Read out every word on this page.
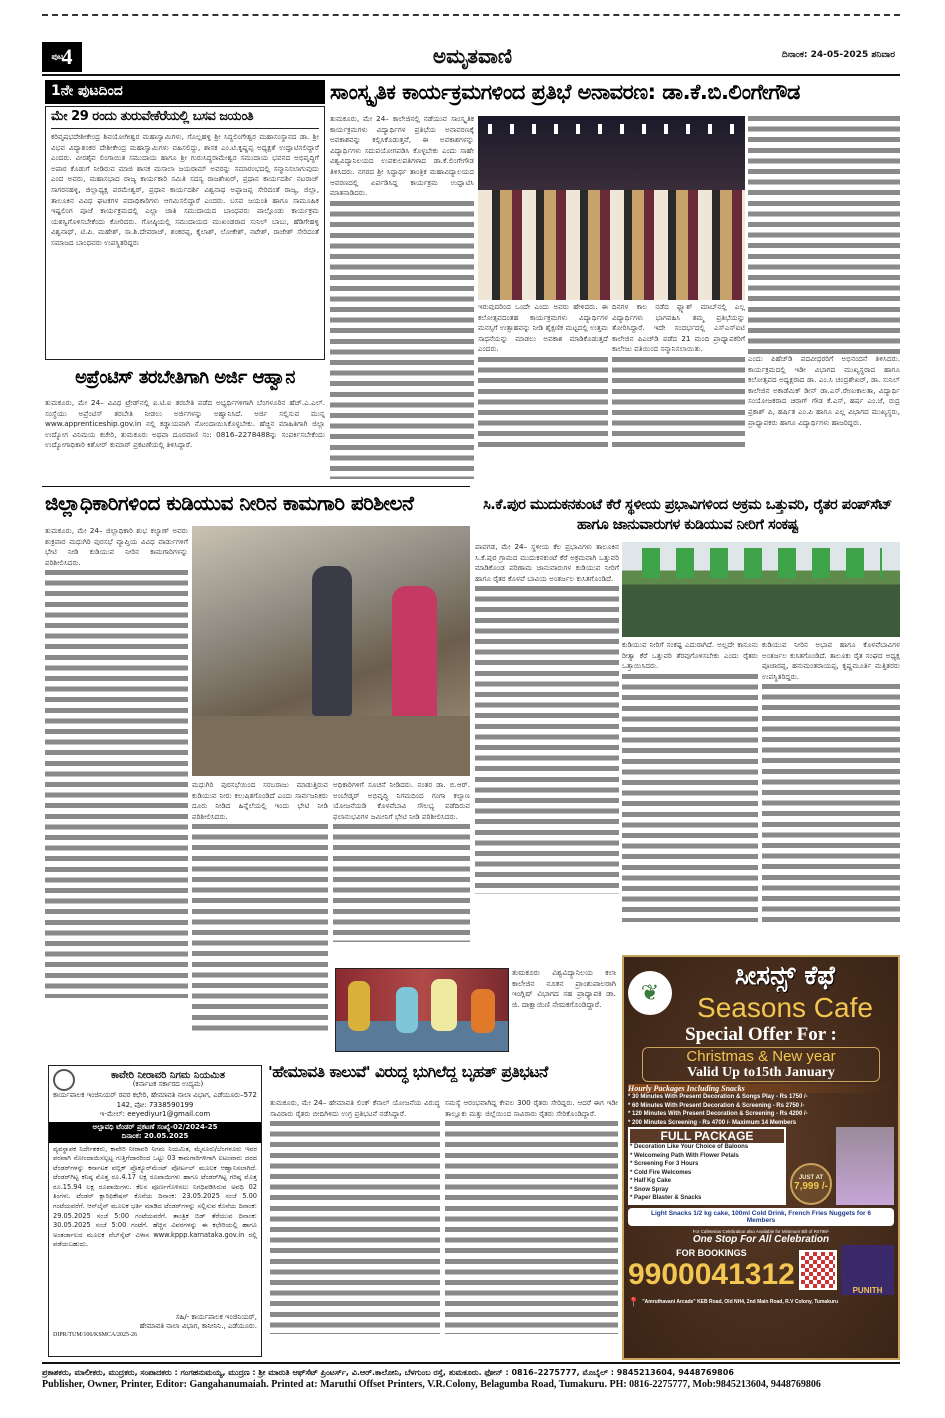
ಪುಟ
4	ಅಮೃತವಾಣಿ	ದಿನಾಂಕ: 24-05-2025 ಶನಿವಾರ
1ನೇ ಪುಟದಿಂದ
ಮೇ 29 ರಂದು ತುರುವೇಕೆರೆಯಲ್ಲಿ ಬಸವ ಜಯಂತಿ
ಕರಿವೃಷಭದೇಶೀಕೇಂದ್ರ ಶಿವಯೋಗೀಶ್ವರ ಮಹಾಸ್ವಾಮಿಗಳು, ಗೊಲ್ಲಹಳ್ಳಿ ಶ್ರೀ ಸಿದ್ಧಲಿಂಗೇಶ್ವರ ಮಹಾಸಂಸ್ಥಾನದ ಡಾ. ಶ್ರೀ ವಿಭವ ವಿದ್ಯಾಶಂಕರ ದೇಶೀಕೇಂದ್ರ ಮಹಾಸ್ವಾಮಿಗಳು ವಹಿಸಲಿದ್ದು, ಶಾಸಕ ಎಂ.ಟಿ.ಕೃಷ್ಣಪ್ಪ ಅಧ್ಯಕ್ಷತೆ ಉದ್ಘಾಟಿಸಲಿದ್ದಾರೆ ಎಂದರು. ವೀರಶೈವ ಲಿಂಗಾಯಿತ ಸಮುದಾಯ ಹಾಗೂ ಶ್ರೀ ಗುರುಸಿದ್ಧರಾಮೇಶ್ವರ ಸಮುದಾಯ ಭವನದ ಅಭಿವೃದ್ಧಿಗೆ ಅಪಾರ ಕೊಡುಗೆ ನೀಡಿರುವ ಮಾಜಿ ಶಾಸಕ ಮಸಾಲಾ ಜಯರಾಮ್ ಅವರನ್ನು ಸಮಾರಂಭದಲ್ಲಿ ಸನ್ಮಾನಿಸಲಾಗುವುದು ಎಂದ ಅವರು, ಮಹಾಸಭಾದ ರಾಜ್ಯ ಕಾರ್ಯಕಾರಿ ಸಮಿತಿ ಸದಸ್ಯ ರಾಜಶೇಖರ್, ಪ್ರಧಾನ ಕಾರ್ಯದರ್ಶಿ ನಟರಾಜ್ ಸಾಗರನಹಳ್ಳಿ, ಜಿಲ್ಲಾಧ್ಯಕ್ಷ ಪರಮೇಶ್ವರ್, ಪ್ರಧಾನ ಕಾರ್ಯದರ್ಶಿ ವಿಶ್ವನಾಥ ಅಪ್ಪಾಜಪ್ಪ ಸೇರಿದಂತೆ ರಾಜ್ಯ, ಜಿಲ್ಲಾ, ತಾಲೂಕಿನ ವಿವಿಧ ಘಟಕಗಳ ಪದಾಧಿಕಾರಿಗಳು ಆಗಮಿಸಲಿದ್ದಾರೆ ಎಂದರು. ಬಸವ ಜಯಂತಿ ಹಾಗೂ ಸಾಮೂಹಿಕ ಇಷ್ಟಲಿಂಗ ಪೂಜೆ ಕಾರ್ಯಕ್ರಮದಲ್ಲಿ ಎಲ್ಲಾ ಜಾತಿ ಸಮುದಾಯದ ಬಾಂಧವರು ಪಾಲ್ಗೊಂಡು ಕಾರ್ಯಕ್ರಮ ಯಶಸ್ವಿಗೊಳಿಸಬೇಕೆಂದು ಕೋರಿದರು. ಗೋಷ್ಠಿಯಲ್ಲಿ ಸಮುದಾಯದ ಮುಖಂಡರಾದ ಸುನಿಲ್ ಬಾಬು, ಹೆಡಿಗೇಹಳ್ಳಿ ವಿಶ್ವನಾಥ್, ಟಿ.ಪಿ. ಮಹೇಶ್, ಸಾ.ಶಿ.ದೇವರಾಜ್, ಶಂಕರಪ್ಪ, ಕೈಲಾಶ್, ಲೋಕೇಶ್, ನಟೇಶ್, ರಾಜೇಶ್ ಸೇರಿದಂತೆ ಸಮಾಜದ ಬಾಂಧವರು ಉಪಸ್ಥಿತರಿದ್ದರು
ಅಪ್ರೆಂಟಿಸ್ ತರಬೇತಿಗಾಗಿ ಅರ್ಜಿ ಆಹ್ವಾನ
ತುಮಕೂರು, ಮೇ 24– ವಿವಿಧ ಟ್ರೇಡ್‌ನಲ್ಲಿ ಐ.ಟಿ.ಐ ತರಬೇತಿ ಪಡೆದ ಅಭ್ಯರ್ಥಿಗಳಿಗಾಗಿ ಬೆಂಗಳೂರಿನ ಹೆಚ್.ಎ.ಎಲ್. ಸಂಸ್ಥೆಯು ಅಪ್ರೆಂಟಿಸ್ ತರಬೇತಿ ನೀಡಲು ಅರ್ಜಿಗಳನ್ನು ಅಹ್ವಾನಿಸಿದೆ. ಅರ್ಜಿ ಸಲ್ಲಿಸುವ ಮುನ್ನ www.apprenticeship.gov.in ನಲ್ಲಿ ಕಡ್ಡಾಯವಾಗಿ ನೋಂದಾಯಿಸಿಕೊಳ್ಳಬೇಕು. ಹೆಚ್ಚಿನ ಮಾಹಿತಿಗಾಗಿ ಜಿಲ್ಲಾ ಉದ್ಯೋಗ ವಿನಿಮಯ ಕಚೇರಿ, ತುಮಕೂರು ಅಥವಾ ದೂರವಾಣಿ ಸಂ: 0816–2278488ನ್ನು ಸಂಪರ್ಕಿಸಬೇಕೆಂದು ಉದ್ಯೋಗಾಧಿಕಾರಿ ಕಿಶೋರ್ ಕುಮಾರ್ ಪ್ರಕಟಣೆಯಲ್ಲಿ ತಿಳಿಸಿದ್ದಾರೆ.
ಜಿಲ್ಲಾಧಿಕಾರಿಗಳಿಂದ ಕುಡಿಯುವ ನೀರಿನ ಕಾಮಗಾರಿ ಪರಿಶೀಲನೆ
ತುಮಕೂರು, ಮೇ 24– ಜಿಲ್ಲಾಧಿಕಾರಿ ಶುಭ ಕಲ್ಯಾಣ್ ಅವರು ಶುಕ್ರವಾರ ಮಧುಗಿರಿ ಪುರಸಭೆ ವ್ಯಾಪ್ತಿಯ ವಿವಿಧ ವಾರ್ಡುಗಳಿಗೆ ಭೇಟಿ ನೀಡಿ ಕುಡಿಯುವ ನೀರಿನ ಕಾಮಗಾರಿಗಳನ್ನು ಪರಿಶೀಲಿಸಿದರು.
ಮಧುಗಿರಿ ಪುರಸಭೆಯಿಂದ ಸರಬರಾಜು ಮಾಡುತ್ತಿರುವ ಕುಡಿಯುವ ನೀರು ಕಲುಷಿತಗೊಂಡಿದೆ ಎಂದು ಸಾರ್ವಜನಿಕರು ದೂರು ನೀಡಿದ ಹಿನ್ನೆಲೆಯಲ್ಲಿ ಇಂದು ಭೇಟಿ ನೀಡಿ ಪರಿಶೀಲಿಸಿದರು.
ಅಧಿಕಾರಿಗಳಿಗೆ ಸೂಚನೆ ನೀಡಿದರು. ನಂತರ ಡಾ. ಬಿ.ಆರ್. ಅಂಬೇಡ್ಕರ್ ಅಭಿವೃದ್ಧಿ ನಿಗಮದಿಂದ ಗಂಗಾ ಕಲ್ಯಾಣ ಯೋಜನೆಯಡಿ ಕೊಳವೆಬಾವಿ ಸೌಲಭ್ಯ ಪಡೆದಿರುವ ಫಲಾನುಭವಿಗಳ ಜಮೀನಿಗೆ ಭೇಟಿ ನೀಡಿ ಪರಿಶೀಲಿಸಿದರು.
ಕಾವೇರಿ ನೀರಾವರಿ ನಿಗಮ ನಿಯಮಿತ
(ಕರ್ನಾಟಕ ಸರ್ಕಾರದ ಉದ್ಯಮ)
ಕಾರ್ಯಪಾಲಕ ಇಂಜಿನಿಯರ್ ರವರ ಕಛೇರಿ, ಹೇಮಾವತಿ ನಾಲಾ ವಿಭಾಗ, ಎಡೆಯೂರು–572 142, ಪೋ: 7338590199
ಇ-ಮೇಲ್: eeyediyur1@gmail.com
ಅಲ್ಪಾವಧಿ ಟೆಂಡರ್ ಪ್ರಕಟಣೆ ಸಂಖ್ಯೆ-02/2024-25
ದಿನಾಂಕ: 20.05.2025
ವ್ಯವಸ್ಥಾಪಕ ನಿರ್ದೇಶಕರು, ಕಾವೇರಿ ನೀರಾವರಿ ನಿಗಮ ನಿಯಮಿತ, ಮೈಸೂರು/ಬೆಂಗಳೂರು ಇವರ ಪರವಾಗಿ ನೋಂದಾಯಿಸಲ್ಪಟ್ಟ ಗುತ್ತಿಗೆದಾರರಿಂದ ಒಟ್ಟು 03 ಕಾಮಗಾರಿಗಳಿಗಾಗಿ ಐಟಂವಾರು ದರದ ಟೆಂಡರ್‌ಗಳನ್ನು ಕರ್ನಾಟಕ ಪಬ್ಲಿಕ್ ಪ್ರೊಕ್ಯೂರ್‌ಮೆಂಟ್ ಪೋರ್ಟಲ್ ಮೂಲಕ ಆಹ್ವಾನಿಸಲಾಗಿದೆ. ಟೆಂಡರ್‌ಗಿಟ್ಟ ಕನಿಷ್ಠ ಮೊತ್ತ ರೂ.4.17 ಲಕ್ಷ ರೂಪಾಯಿಗಳು ಹಾಗೂ ಟೆಂಡರ್‌ಗಿಟ್ಟ ಗರಿಷ್ಠ ಮೊತ್ತ ರೂ.15.94 ಲಕ್ಷ ರೂಪಾಯಿಗಳು. ಕೆಲಸ ಪೂರ್ಣಗೊಳಿಸಲು ನಿಗಧಿಪಡಿಸಿರುವ ಅವಧಿ 02 ತಿಂಗಳು. ಟೆಂಡರ್ ಕ್ಲಾರಿಫಿಕೇಷನ್ ಕೊನೆಯ ದಿನಾಂಕ: 23.05.2025 ಸಂಜೆ 5.00 ಗಂಟೆಯವರೆಗೆ. ಆನ್‌ಲೈನ್ ಮೂಲಕ ಭರ್ತಿ ಮಾಡಿದ ಟೆಂಡರ್‌ಗಳನ್ನು ಸಲ್ಲಿಸುವ ಕೊನೆಯ ದಿನಾಂಕ: 29.05.2025 ಸಂಜೆ 5:00 ಗಂಟೆಯವರೆಗೆ. ತಾಂತ್ರಿಕ ಬಿಡ್ ತೆರೆಯುವ ದಿನಾಂಕ: 30.05.2025 ಸಂಜೆ 5:00 ಗಂಟೆಗೆ. ಹೆಚ್ಚಿನ ವಿವರಗಳನ್ನು ಈ ಕಛೇರಿಯಲ್ಲಿ ಹಾಗೂ ಅಂತರ್ಜಾಲದ ಮೂಲಕ ವೆಬ್‌ಸೈಟ್ ವಿಳಾಸ www.kppp.karnataka.gov.in ರಲ್ಲಿ ಪಡೆಯಬಹುದು.
ಸಹಿ/- ಕಾರ್ಯಪಾಲಕ ಇಂಜಿನಿಯರ್,
ಹೇಮಾವತಿ ನಾಲಾ ವಿಭಾಗ, ಕಾನೀನಿನಿ., ಎಡೆಯೂರು.
DIPR/TUM/106/KSMCA/2025-26
ಸಾಂಸ್ಕೃತಿಕ ಕಾರ್ಯಕ್ರಮಗಳಿಂದ ಪ್ರತಿಭೆ ಅನಾವರಣ: ಡಾ.ಕೆ.ಬಿ.ಲಿಂಗೇಗೌಡ
ತುಮಕೂರು, ಮೇ 24– ಕಾಲೇಜಿನಲ್ಲಿ ನಡೆಯುವ ಸಾಂಸ್ಕೃತಿಕ ಕಾರ್ಯಕ್ರಮಗಳು ವಿದ್ಯಾರ್ಥಿಗಳ ಪ್ರತಿಭೆಯ ಅನಾವರಣಕ್ಕೆ ಅವಕಾಶವನ್ನು ಕಲ್ಪಿಸಿಕೊಡುತ್ತವೆ, ಈ ಅವಕಾಶಗಳನ್ನು ವಿದ್ಯಾರ್ಥಿಗಳು ಸದುಪಯೋಗಪಡಿಸಿ ಕೊಳ್ಳಬೇಕು ಎಂದು ಸಾಹೇ ವಿಶ್ವವಿದ್ಯಾನಿಲಯದ ಉಪಕುಲಪತಿಗಳಾದ ಡಾ.ಕೆ.ಲಿಂಗೇಗೌಡ ತಿಳಿಸಿದರು. ನಗರದ ಶ್ರೀ ಸಿದ್ಧಾರ್ಥ ತಾಂತ್ರಿಕ ಮಹಾವಿದ್ಯಾಲಯದ ಆವರಣದಲ್ಲಿ ಏರ್ಪಡಿಸಿದ್ದ ಕಾರ್ಯಕ್ರಮ ಉದ್ಘಾಟಿಸಿ ಮಾತನಾಡಿದರು.
ಇರುವುದರಿಂದ ಒಂದೇ ಎಂದು ಅವರು ಹೇಳಿದರು. ಈ ಕಲೋತ್ಸವದಂತಹ ಕಾರ್ಯಕ್ರಮಗಳು ವಿದ್ಯಾರ್ಥಿಗಳ ಮನಸ್ಸಿಗೆ ಉತ್ಸಾಹವನ್ನು ನೀಡಿ ಶೈಕ್ಷಣಿಕ ಮಟ್ಟದಲ್ಲಿ ಉತ್ತಮ ಸಾಧನೆಯನ್ನು ಮಾಡಲು ಅವಕಾಶ ಮಾಡಿಕೊಡುತ್ತದೆ ಎಂದರು.
ದಿನಗಳ ಕಾಲ ನಡೆದ ಫ್ಲ್ಯಾಶ್ ಮಾಬ್‌ನಲ್ಲಿ ಎಲ್ಲ ವಿದ್ಯಾರ್ಥಿಗಳು ಭಾಗವಹಿಸಿ ತಮ್ಮ ಪ್ರತಿಭೆಯನ್ನು ತೋರಿಸಿದ್ದಾರೆ. ಇದೇ ಸಂದರ್ಭದಲ್ಲಿ ಎಸ್‌ಎಸ್‌ಐಟಿ ಕಾಲೇಜಿನ ಪಿಎಚ್‌ಡಿ ಪಡೆದ 21 ಮಂದಿ ಪ್ರಾಧ್ಯಾಪಕರಿಗೆ ಕಾಲೇಜು ವತಿಯಿಂದ ಸನ್ಮಾನಿಸಲಾಯಿತು.
ಎಂದು ಪಿಹೆಚ್‌ಡಿ ಪದವೀಧರರಿಗೆ ಅಭಿನಂದನೆ ತಿಳಿಸಿದರು. ಕಾರ್ಯಕ್ರಮದಲ್ಲಿ ಇಡೀ ವಿಭಾಗದ ಮುಖ್ಯಸ್ಥರಾದ ಹಾಗೂ ಕಲೋತ್ಸವದ ಅಧ್ಯಕ್ಷರಾದ ಡಾ. ಎಂ.ಸಿ ಚಂದ್ರಶೇಖರ್, ಡಾ. ಸುನಿಲ್ ಕಾಲೇಜಿನ ಅಕಾಡೆಮಿಕ್ ಡೀನ್ ಡಾ.ಎಸ್.ರೇಣುಕಾಲತಾ, ವಿದ್ಯಾರ್ಥಿ ಸಂಯೋಜಕರಾದ ಚಿರಾಗ್ ಗೌಡ ಕೆ.ಎಸ್, ಹರ್ಷ ಎಂ.ಜೆ, ರುದ್ರ ಪ್ರಕಾಶ್ ಪಿ, ಹರ್ಷಿತ ಎಂ.ಪಿ ಹಾಗೂ ಎಲ್ಲ ವಿಭಾಗದ ಮುಖ್ಯಸ್ಥರು, ಪ್ರಾಧ್ಯಾಪಕರು ಹಾಗೂ ವಿದ್ಯಾರ್ಥಿಗಳು ಹಾಜರಿದ್ದರು.
ಸಿ.ಕೆ.ಪುರ ಮುದುಕನಕುಂಟೆ ಕೆರೆ ಸ್ಥಳೀಯ ಪ್ರಭಾವಿಗಳಿಂದ ಅಕ್ರಮ ಒತ್ತುವರಿ, ರೈತರ ಪಂಪ್‌ಸೆಟ್ ಹಾಗೂ ಜಾನುವಾರುಗಳ ಕುಡಿಯುವ ನೀರಿಗೆ ಸಂಕಷ್ಟ
ಪಾವಗಡ, ಮೇ 24– ಸ್ಥಳೀಯ ಕೆಲ ಪ್ರಭಾವಿಗಳು ತಾಲೂಕಿನ ಸಿ.ಕೆ.ಪುರ ಗ್ರಾಮದ ಮುದುಕನಕುಂಟೆ ಕೆರೆ ಅಕ್ರಮವಾಗಿ ಒತ್ತುವರಿ ಮಾಡಿಕೊಂಡ ಪರಿಣಾಮ ಜಾನುವಾರುಗಳ ಕುಡಿಯುವ ನೀರಿಗೆ ಹಾಗೂ ರೈತರ ಕೊಳವೆ ಬಾವಿಯ ಅಂತರ್ಜಲ ಕುಸಿತಗೊಂಡಿದೆ.
ಕುಡಿಯುವ ನೀರಿಗೆ ಸಂಕಷ್ಟ ಎದುರಾಗಿದೆ. ಅಲ್ಲದೇ ಕಾನೂನು ರೀತ್ಯಾ ಕೆರೆ ಒತ್ತುವರಿ ತೆರವುಗೊಳಿಸಬೇಕು ಎಂದು ರೈತರು ಒತ್ತಾಯಿಸಿದರು.
ಕುಡಿಯುವ ನೀರಿನ ಅಭಾವ ಹಾಗೂ ಕೊಳವೆಬಾವಿಗಳ ಅಂತರ್ಜಲ ಕುಸಿತಗೊಂಡಿದೆ. ತಾಲೂಕು ರೈತ ಸಂಘದ ಅಧ್ಯಕ್ಷ ಪೂಜಾರಪ್ಪ, ಹನುಮಂತರಾಯಪ್ಪ, ಕೃಷ್ಣಮೂರ್ತಿ ಮತ್ತಿತರರು ಉಪಸ್ಥಿತರಿದ್ದರು.
ತುಮಕೂರು ವಿಶ್ವವಿದ್ಯಾನಿಲಯ ಕಲಾ ಕಾಲೇಜಿನ ನೂತನ ಪ್ರಾಂಶುಪಾಲರಾಗಿ ಇಂಗ್ಲಿಷ್ ವಿಭಾಗದ ಸಹ ಪ್ರಾಧ್ಯಾಪಕಿ ಡಾ. ಜಿ. ದಾಕ್ಷಾಯಿಣಿ ನೇಮಕಗೊಂಡಿದ್ದಾರೆ.
'ಹೇಮಾವತಿ ಕಾಲುವೆ' ವಿರುದ್ಧ ಭುಗಿಲೆದ್ದ ಬೃಹತ್ ಪ್ರತಿಭಟನೆ
ತುಮಕೂರು, ಮೇ 24– ಹೇಮಾವತಿ ಲಿಂಕ್ ಕೆನಾಲ್ ಯೋಜನೆಯ ವಿರುದ್ಧ ಸಾವಿರಾರು ರೈತರು ಬೀದಿಗಿಳಿದು ಉಗ್ರ ಪ್ರತಿಭಟನೆ ನಡೆಸಿದ್ದಾರೆ.
ಸಮಸ್ಯೆ ಆರಂಭವಾಗಿದ್ದ ಕೇವಲ 300 ರೈತರು ಸೇರಿದ್ದರು. ಆದರೆ ಈಗ ಇಡೀ ತಾಲ್ಲೂಕು ಮತ್ತು ಜಿಲ್ಲೆಯಿಂದ ಸಾವಿರಾರು ರೈತರು ಸೇರಿಕೊಂಡಿದ್ದಾರೆ.
❦
ಸೀಸನ್ಸ್ ಕೆಫೆ
Seasons Cafe
Special Offer For :
Christmas & New year
Valid Up to15th January
Hourly Packages Including Snacks
* 30 Minutes With Present Decoration & Songs Play - Rs 1750 /-
* 60 Minutes With Present Decoration & Screening - Rs 2750 /-
* 120 Minutes With Present Decoration & Screening - Rs 4200 /-
* 200 Minutes Screening - Rs 4700 /- Maximum 14 Members
FULL PACKAGE
* Decoration Like Your Choice of Baloons
* Welcomeing Path With Flower Petals
* Screening For 3 Hours
* Cold Fire Welcomes
* Half Kg Cake
* Snow Spray
* Paper Blaster & Snacks
JUST AT
7,999 /-
Light Snacks 1/2 kg cake, 100ml Cold Drink, French Fries Nuggets for 6 Members
For Cafeterias Celebration also Available for Minimum Bill of Rs799/-
One Stop For All Celebration
FOR BOOKINGS
9900041312	PUNITH
📍 "Amruthavani Arcade" KEB Road, Old NH4, 2nd Main Road, R.V Colony, Tumakuru
ಪ್ರಕಾಶಕರು, ಮಾಲೀಕರು, ಮುದ್ರಕರು, ಸಂಪಾದಕರು : ಗಂಗಹನುಮಯ್ಯ, ಮುದ್ರಣ : ಶ್ರೀ ಮಾರುತಿ ಆಫ್‌ಸೆಟ್ ಪ್ರಿಂಟರ್ಸ್, ವಿ.ಆರ್.ಕಾಲೋನಿ, ಬೆಳಗುಂಬ ರಸ್ತೆ, ತುಮಕೂರು. ಫೋನ್ : 0816–2275777, ಮೊಬೈಲ್ : 9845213604, 9448769806
Publisher, Owner, Printer, Editor: Gangahanumaiah. Printed at: Maruthi Offset Printers, V.R.Colony, Belagumba Road, Tumakuru. PH: 0816-2275777, Mob:9845213604, 9448769806
